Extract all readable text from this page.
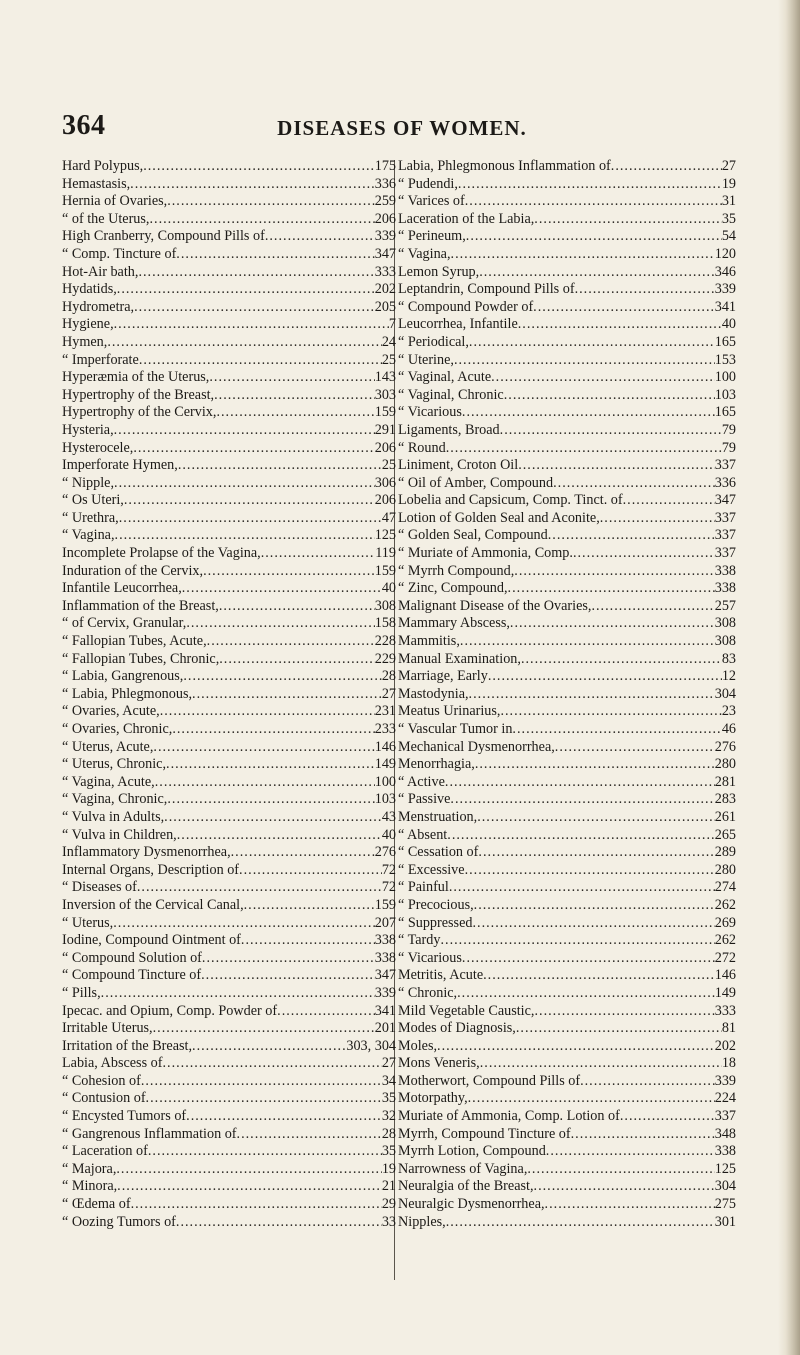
364	DISEASES OF WOMEN.
Hard Polypus, .....	175
Hemastasis, .....	336
Hernia of Ovaries, .....	259
“ of the Uterus, .....	206
High Cranberry, Compound Pills of .....	339
“ Comp. Tincture of .....	347
Hot-Air bath, .....	333
Hydatids, .....	202
Hydrometra, .....	205
Hygiene, .....	7
Hymen, .....	24
“ Imperforate .....	25
Hyperæmia of the Uterus, .....	143
Hypertrophy of the Breast, .....	303
Hypertrophy of the Cervix, .....	159
Hysteria, .....	291
Hysterocele, .....	206
Imperforate Hymen, .....	25
“ Nipple, .....	306
“ Os Uteri, .....	206
“ Urethra, .....	47
“ Vagina, .....	125
Incomplete Prolapse of the Vagina, .....	119
Induration of the Cervix, .....	159
Infantile Leucorrhea, .....	40
Inflammation of the Breast, .....	308
“ of Cervix, Granular, .....	158
“ Fallopian Tubes, Acute, .....	228
“ Fallopian Tubes, Chronic, .....	229
“ Labia, Gangrenous, .....	28
“ Labia, Phlegmonous, .....	27
“ Ovaries, Acute, .....	231
“ Ovaries, Chronic, .....	233
“ Uterus, Acute, .....	146
“ Uterus, Chronic, .....	149
“ Vagina, Acute, .....	100
“ Vagina, Chronic, .....	103
“ Vulva in Adults, .....	43
“ Vulva in Children, .....	40
Inflammatory Dysmenorrhea, .....	276
Internal Organs, Description of .....	72
“ Diseases of .....	72
Inversion of the Cervical Canal, .....	159
“ Uterus, .....	207
Iodine, Compound Ointment of .....	338
“ Compound Solution of .....	338
“ Compound Tincture of .....	347
“ Pills, .....	339
Ipecac. and Opium, Comp. Powder of .....	341
Irritable Uterus, .....	201
Irritation of the Breast, .....	303, 304
Labia, Abscess of .....	27
“ Cohesion of .....	34
“ Contusion of .....	35
“ Encysted Tumors of .....	32
“ Gangrenous Inflammation of .....	28
“ Laceration of .....	35
“ Majora, .....	19
“ Minora, .....	21
“ Œdema of .....	29
“ Oozing Tumors of .....	33
Labia, Phlegmonous Inflammation of .....	27
“ Pudendi, .....	19
“ Varices of .....	31
Laceration of the Labia, .....	35
“ Perineum, .....	54
“ Vagina, .....	120
Lemon Syrup, .....	346
Leptandrin, Compound Pills of .....	339
“ Compound Powder of .....	341
Leucorrhea, Infantile .....	40
“ Periodical, .....	165
“ Uterine, .....	153
“ Vaginal, Acute .....	100
“ Vaginal, Chronic .....	103
“ Vicarious .....	165
Ligaments, Broad .....	79
“ Round .....	79
Liniment, Croton Oil .....	337
“ Oil of Amber, Compound .....	336
Lobelia and Capsicum, Comp. Tinct. of .....	347
Lotion of Golden Seal and Aconite, .....	337
“ Golden Seal, Compound .....	337
“ Muriate of Ammonia, Comp. .....	337
“ Myrrh Compound, .....	338
“ Zinc, Compound, .....	338
Malignant Disease of the Ovaries, .....	257
Mammary Abscess, .....	308
Mammitis, .....	308
Manual Examination, .....	83
Marriage, Early .....	12
Mastodynia, .....	304
Meatus Urinarius, .....	23
“ Vascular Tumor in .....	46
Mechanical Dysmenorrhea, .....	276
Menorrhagia, .....	280
“ Active .....	281
“ Passive .....	283
Menstruation, .....	261
“ Absent .....	265
“ Cessation of .....	289
“ Excessive .....	280
“ Painful .....	274
“ Precocious, .....	262
“ Suppressed .....	269
“ Tardy .....	262
“ Vicarious .....	272
Metritis, Acute .....	146
“ Chronic, .....	149
Mild Vegetable Caustic, .....	333
Modes of Diagnosis, .....	81
Moles, .....	202
Mons Veneris, .....	18
Motherwort, Compound Pills of .....	339
Motorpathy, .....	224
Muriate of Ammonia, Comp. Lotion of .....	337
Myrrh, Compound Tincture of .....	348
Myrrh Lotion, Compound .....	338
Narrowness of Vagina, .....	125
Neuralgia of the Breast, .....	304
Neuralgic Dysmenorrhea, .....	275
Nipples, .....	301
